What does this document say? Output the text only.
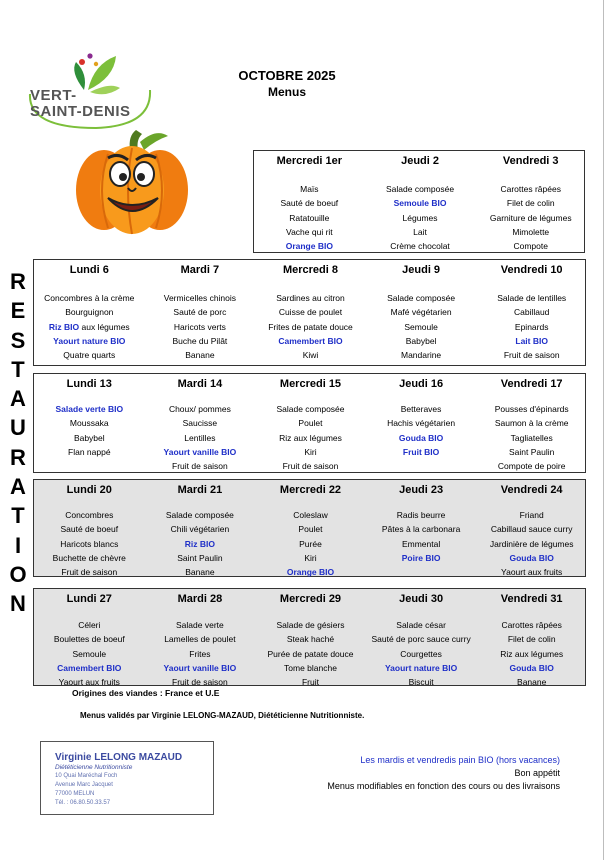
VERT-
SAINT-DENIS
OCTOBRE 2025
Menus
R
E
S
T
A
U
R
A
T
I
O
N
Mercredi 1er
Maïs
Sauté de boeuf
Ratatouille
Vache qui rit
Orange BIO
Jeudi 2
Salade composée
Semoule BIO
Légumes
Lait
Crème chocolat
Vendredi 3
Carottes râpées
Filet de colin
Garniture de légumes
Mimolette
Compote
Lundi 6
Concombres à la crème
Bourguignon
Riz BIO aux légumes
Yaourt nature BIO
Quatre quarts
Mardi 7
Vermicelles chinois
Sauté de porc
Haricots verts
Buche du Pilât
Banane
Mercredi 8
Sardines au citron
Cuisse de poulet
Frites de patate douce
Camembert BIO
Kiwi
Jeudi 9
Salade composée
Mafé végétarien
Semoule
Babybel
Mandarine
Vendredi 10
Salade de lentilles
Cabillaud
Epinards
Lait BIO
Fruit de saison
Lundi 13
Salade verte BIO
Moussaka
Babybel
Flan nappé
Mardi 14
Choux/ pommes
Saucisse
Lentilles
Yaourt vanille BIO
Fruit de saison
Mercredi 15
Salade composée
Poulet
Riz aux légumes
Kiri
Fruit de saison
Jeudi 16
Betteraves
Hachis végétarien
Gouda BIO
Fruit BIO
Vendredi 17
Pousses d'épinards
Saumon à la crème
Tagliatelles
Saint Paulin
Compote de poire
Lundi 20
Concombres
Sauté de boeuf
Haricots blancs
Buchette de chèvre
Fruit de saison
Mardi 21
Salade composée
Chili végétarien
Riz BIO
Saint Paulin
Banane
Mercredi 22
Coleslaw
Poulet
Purée
Kiri
Orange BIO
Jeudi 23
Radis beurre
Pâtes à la carbonara
Emmental
Poire BIO
Vendredi 24
Friand
Cabillaud sauce curry
Jardinière de légumes
Gouda BIO
Yaourt aux fruits
Lundi 27
Céleri
Boulettes de boeuf
Semoule
Camembert BIO
Yaourt aux fruits
Mardi 28
Salade verte
Lamelles de poulet
Frites
Yaourt vanille BIO
Fruit de saison
Mercredi 29
Salade de gésiers
Steak haché
Purée de patate douce
Tome blanche
Fruit
Jeudi 30
Salade césar
Sauté de porc sauce curry
Courgettes
Yaourt nature BIO
Biscuit
Vendredi 31
Carottes râpées
Filet de colin
Riz aux légumes
Gouda BIO
Banane
Origines des viandes : France et U.E
Menus validés par Virginie LELONG-MAZAUD, Diététicienne Nutritionniste.
Virginie LELONG MAZAUD
Diététicienne Nutritionniste
10 Quai Maréchal Foch
Avenue Marc Jacquet
77000 MELUN
Tél. : 06.80.50.33.57
Les mardis et vendredis pain BIO (hors vacances)
Bon appétit
Menus modifiables en fonction des cours ou des livraisons
